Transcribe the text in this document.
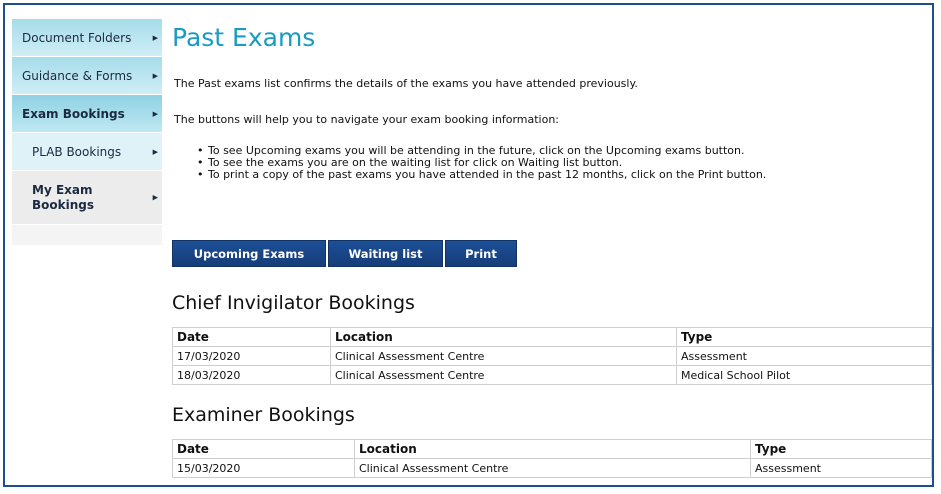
Document Folders	▶
Guidance & Forms	▶
Exam Bookings	▶
PLAB Bookings	▶
My Exam Bookings
▶
Past Exams

The Past exams list confirms the details of the exams you have attended previously.

The buttons will help you to navigate your exam booking information:

• To see Upcoming exams you will be attending in the future, click on the Upcoming exams button.
• To see the exams you are on the waiting list for click on Waiting list button.
• To print a copy of the past exams you have attended in the past 12 months, click on the Print button.
Upcoming Exams	Waiting list	Print
Chief Invigilator Bookings
Date	Location	Type
17/03/2020	Clinical Assessment Centre	Assessment
18/03/2020	Clinical Assessment Centre	Medical School Pilot
Examiner Bookings
Date	Location	Type
15/03/2020	Clinical Assessment Centre	Assessment
